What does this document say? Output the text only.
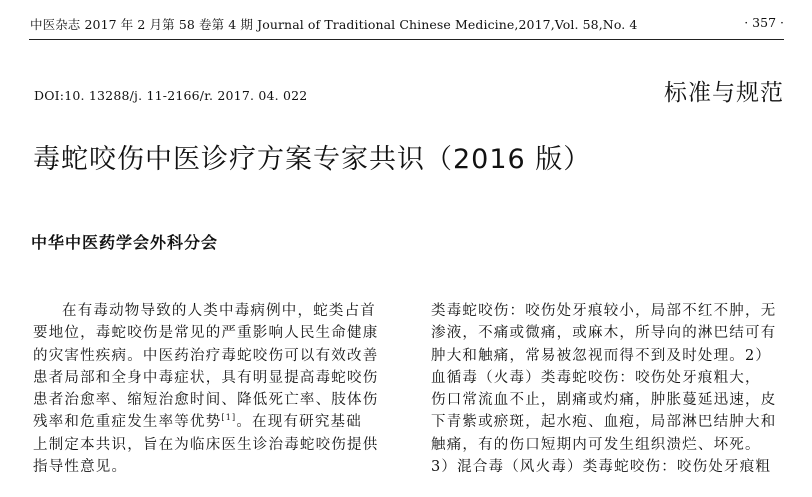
中医杂志 2017 年 2 月第 58 卷第 4 期 Journal of Traditional Chinese Medicine,2017,Vol. 58,No. 4	· 357 ·
DOI:10. 13288/j. 11-2166/r. 2017. 04. 022	标准与规范
毒蛇咬伤中医诊疗方案专家共识（2016 版）
中华中医药学会外科分会

在有毒动物导致的人类中毒病例中，蛇类占首

要地位，毒蛇咬伤是常见的严重影响人民生命健康

的灾害性疾病。中医药治疗毒蛇咬伤可以有效改善

患者局部和全身中毒症状，具有明显提高毒蛇咬伤

患者治愈率、缩短治愈时间、降低死亡率、肢体伤

残率和危重症发生率等优势[1]。在现有研究基础

上制定本共识，旨在为临床医生诊治毒蛇咬伤提供

指导性意见。

类毒蛇咬伤：咬伤处牙痕较小，局部不红不肿，无

渗液，不痛或微痛，或麻木，所导向的淋巴结可有

肿大和触痛，常易被忽视而得不到及时处理。2）

血循毒（火毒）类毒蛇咬伤：咬伤处牙痕粗大，

伤口常流血不止，剧痛或灼痛，肿胀蔓延迅速，皮

下青紫或瘀斑，起水疱、血疱，局部淋巴结肿大和

触痛，有的伤口短期内可发生组织溃烂、坏死。

3）混合毒（风火毒）类毒蛇咬伤：咬伤处牙痕粗
